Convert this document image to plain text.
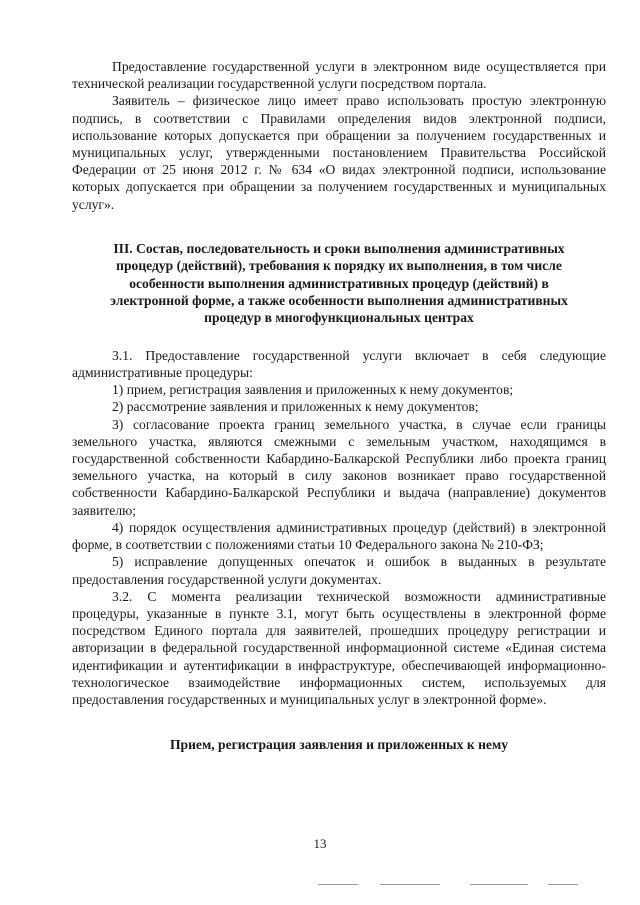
Предоставление государственной услуги в электронном виде осуществляется при технической реализации государственной услуги посредством портала.

Заявитель – физическое лицо имеет право использовать простую электронную подпись, в соответствии с Правилами определения видов электронной подписи, использование которых допускается при обращении за получением государственных и муниципальных услуг, утвержденными постановлением Правительства Российской Федерации от 25 июня 2012 г. № 634 «О видах электронной подписи, использование которых допускается при обращении за получением государственных и муниципальных услуг».

III. Состав, последовательность и сроки выполнения административных процедур (действий), требования к порядку их выполнения, в том числе особенности выполнения административных процедур (действий) в электронной форме, а также особенности выполнения административных процедур в многофункциональных центрах

3.1. Предоставление государственной услуги включает в себя следующие административные процедуры:

1) прием, регистрация заявления и приложенных к нему документов;

2) рассмотрение заявления и приложенных к нему документов;

3) согласование проекта границ земельного участка, в случае если границы земельного участка, являются смежными с земельным участком, находящимся в государственной собственности Кабардино-Балкарской Республики либо проекта границ земельного участка, на который в силу законов возникает право государственной собственности Кабардино-Балкарской Республики и выдача (направление) документов заявителю;

4) порядок осуществления административных процедур (действий) в электронной форме, в соответствии с положениями статьи 10 Федерального закона № 210-ФЗ;

5) исправление допущенных опечаток и ошибок в выданных в результате предоставления государственной услуги документах.

3.2. С момента реализации технической возможности административные процедуры, указанные в пункте 3.1, могут быть осуществлены в электронной форме посредством Единого портала для заявителей, прошедших процедуру регистрации и авторизации в федеральной государственной информационной системе «Единая система идентификации и аутентификации в инфраструктуре, обеспечивающей информационно-технологическое взаимодействие информационных систем, используемых для предоставления государственных и муниципальных услуг в электронной форме».

Прием, регистрация заявления и приложенных к нему
13
